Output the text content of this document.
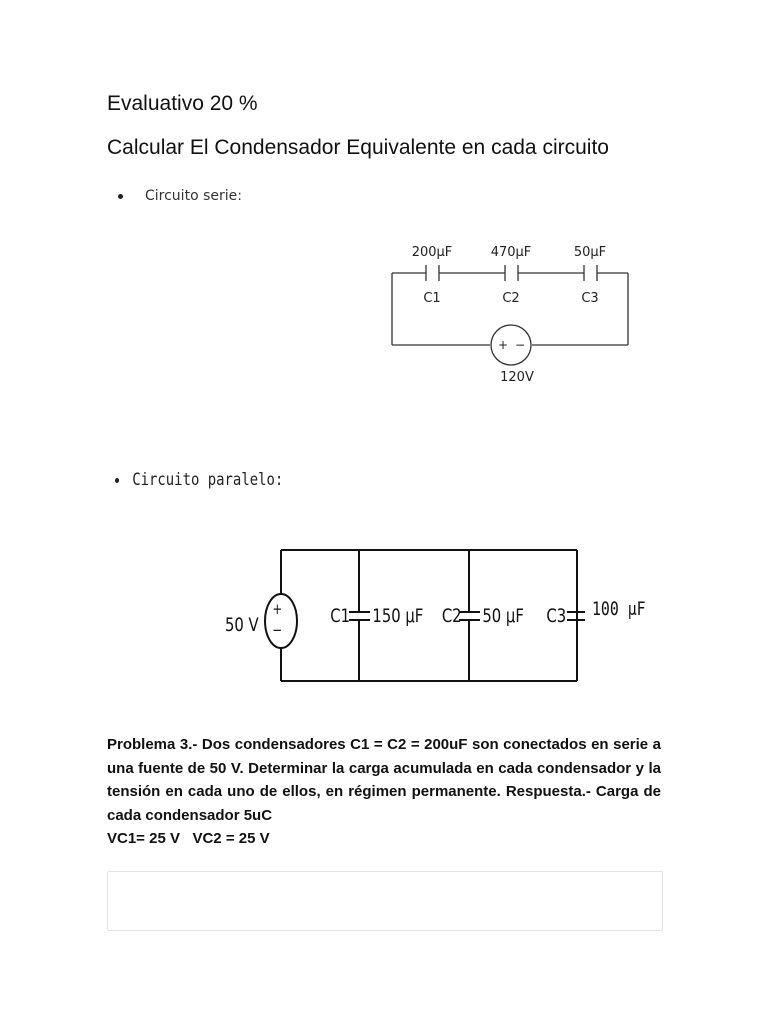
Evaluativo 20 %
Calcular El Condensador Equivalente en cada circuito
Circuito serie:
200μF	470μF	50μF
C1	C2	C3
+ −
120V
Circuito paralelo:
50 V
+
−
C1 150 μF C2 50 μF C3 100 μF
Problema 3.- Dos condensadores C1 = C2 = 200uF son conectados en serie a una fuente de 50 V. Determinar la carga acumulada en cada condensador y la tensión en cada uno de ellos, en régimen permanente. Respuesta.- Carga de cada condensador 5uC
VC1= 25 V   VC2 = 25 V
